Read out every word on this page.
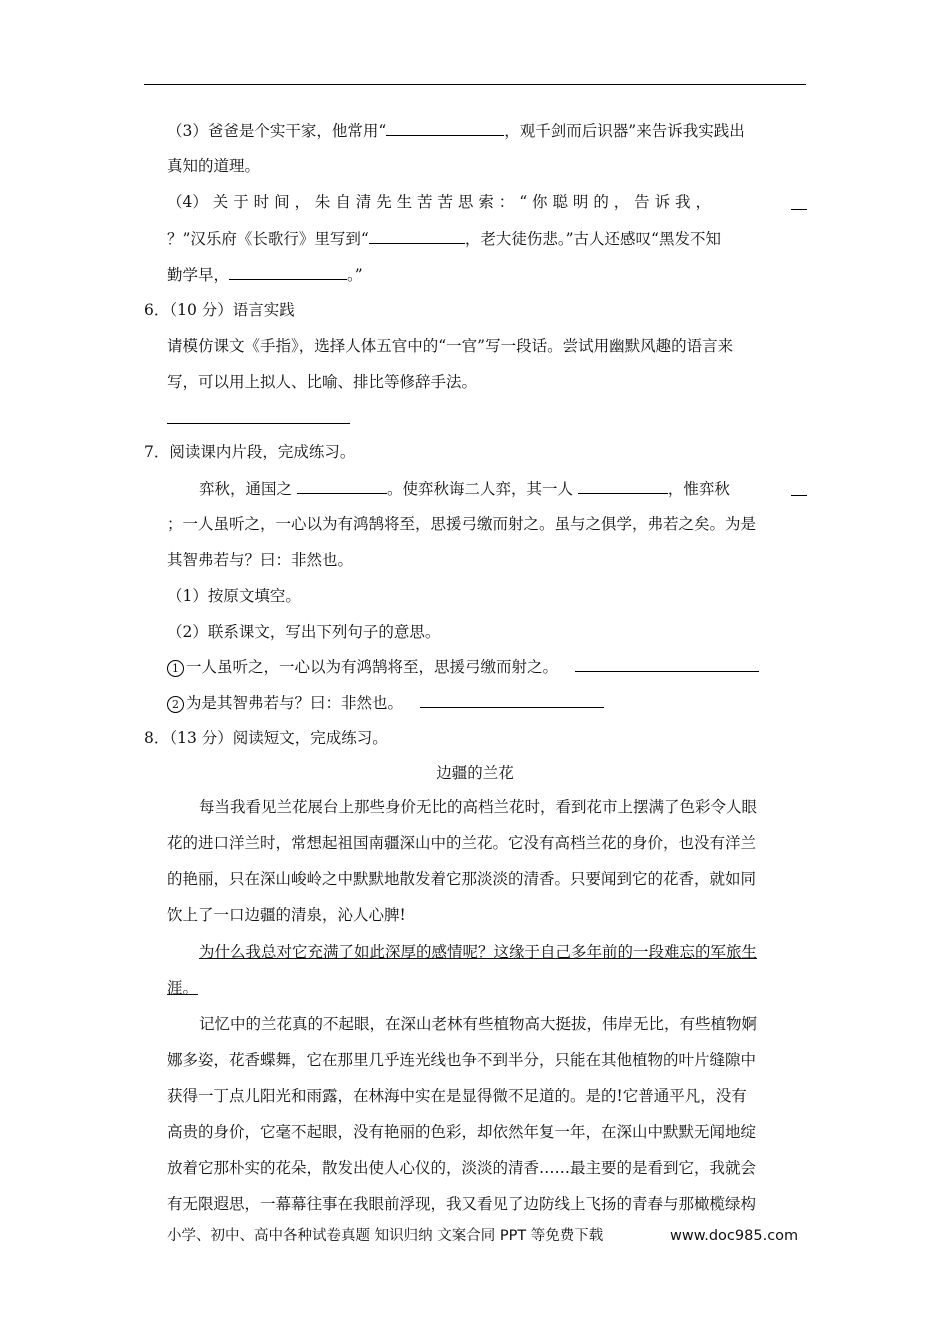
（3）爸爸是个实干家，他常用“	，观千剑而后识器”来告诉我实践出
真知的道理。
（4） 关 于 时 间 ， 朱 自 清 先 生 苦 苦 思 索 ： “ 你 聪 明 的 ， 告 诉 我 ，
？”汉乐府《长歌行》里写到“	，老大徒伤悲。”古人还感叹“黑发不知
勤学早，	。”
6．（10 分）语言实践
请模仿课文《手指》，选择人体五官中的“一官”写一段话。尝试用幽默风趣的语言来
写，可以用上拟人、比喻、排比等修辞手法。
7．阅读课内片段，完成练习。
弈秋，通国之	。使弈秋诲二人弈，其一人	，惟弈秋
；一人虽听之，一心以为有鸿鹄将至，思援弓缴而射之。虽与之俱学，弗若之矣。为是
其智弗若与？曰：非然也。
（1）按原文填空。
（2）联系课文，写出下列句子的意思。
1 一人虽听之，一心以为有鸿鹄将至，思援弓缴而射之。
2 为是其智弗若与？曰：非然也。
8．（13 分）阅读短文，完成练习。
边疆的兰花
每当我看见兰花展台上那些身价无比的高档兰花时，看到花市上摆满了色彩令人眼
花的进口洋兰时，常想起祖国南疆深山中的兰花。它没有高档兰花的身价，也没有洋兰
的艳丽，只在深山峻岭之中默默地散发着它那淡淡的清香。只要闻到它的花香，就如同
饮上了一口边疆的清泉，沁人心脾!
为什么我总对它充满了如此深厚的感情呢？这缘于自己多年前的一段难忘的军旅生
涯。
记忆中的兰花真的不起眼，在深山老林有些植物高大挺拔，伟岸无比，有些植物婀
娜多姿，花香蝶舞，它在那里几乎连光线也争不到半分，只能在其他植物的叶片缝隙中
获得一丁点儿阳光和雨露，在林海中实在是显得微不足道的。是的!它普通平凡，没有
高贵的身价，它毫不起眼，没有艳丽的色彩，却依然年复一年，在深山中默默无闻地绽
放着它那朴实的花朵，散发出使人心仪的，淡淡的清香……最主要的是看到它，我就会
有无限遐思，一幕幕往事在我眼前浮现，我又看见了边防线上飞扬的青春与那橄榄绿构
小学、初中、高中各种试卷真题 知识归纳 文案合同 PPT 等免费下载	www.doc985.com
